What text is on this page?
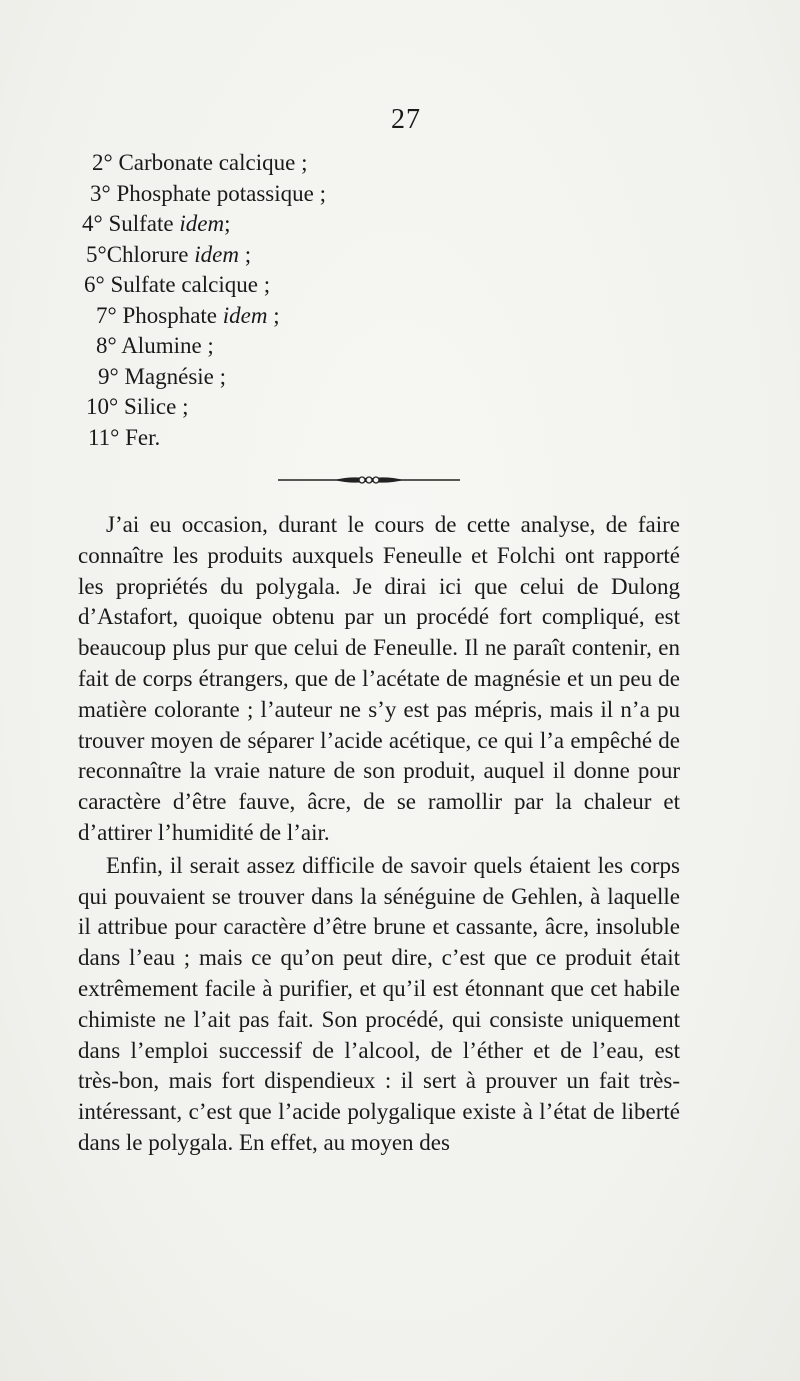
27
2° Carbonate calcique ;
3° Phosphate potassique ;
4° Sulfate idem;
5°Chlorure idem ;
6° Sulfate calcique ;
7° Phosphate idem ;
8° Alumine ;
9° Magnésie ;
10° Silice ;
11° Fer.

J’ai eu occasion, durant le cours de cette analyse, de faire connaître les produits auxquels Feneulle et Folchi ont rapporté les propriétés du polygala. Je dirai ici que celui de Dulong d’Astafort, quoique obtenu par un procédé fort compliqué, est beaucoup plus pur que celui de Feneulle. Il ne paraît contenir, en fait de corps étrangers, que de l’acétate de magnésie et un peu de matière colorante ; l’auteur ne s’y est pas mépris, mais il n’a pu trouver moyen de séparer l’acide acétique, ce qui l’a empêché de reconnaître la vraie nature de son produit, auquel il donne pour caractère d’être fauve, âcre, de se ramollir par la chaleur et d’attirer l’humidité de l’air.

Enfin, il serait assez difficile de savoir quels étaient les corps qui pouvaient se trouver dans la sénéguine de Gehlen, à laquelle il attribue pour caractère d’être brune et cassante, âcre, insoluble dans l’eau ; mais ce qu’on peut dire, c’est que ce produit était extrêmement facile à purifier, et qu’il est étonnant que cet habile chimiste ne l’ait pas fait. Son procédé, qui consiste uniquement dans l’emploi successif de l’alcool, de l’éther et de l’eau, est très-bon, mais fort dispendieux : il sert à prouver un fait très-intéressant, c’est que l’acide polygalique existe à l’état de liberté dans le polygala. En effet, au moyen des
